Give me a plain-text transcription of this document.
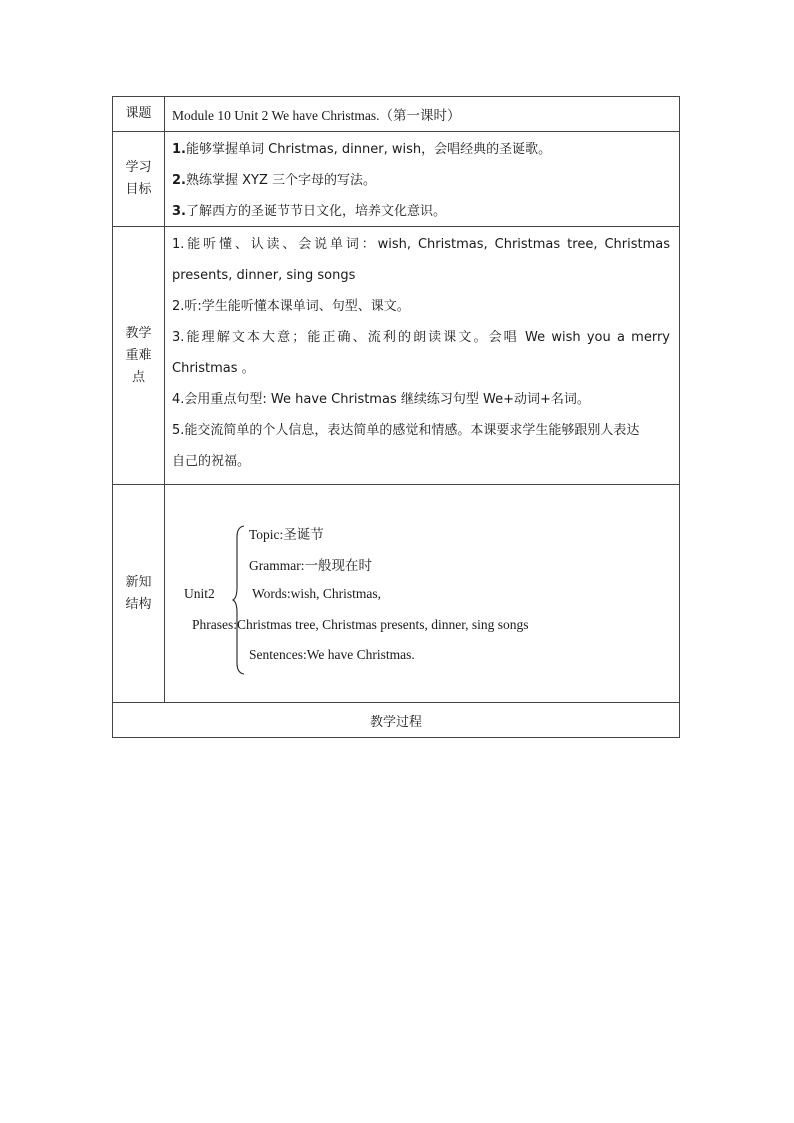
课题	Module 10 Unit 2 We have Christmas.（第一课时）
学习
目标
1.能够掌握单词 Christmas, dinner, wish，会唱经典的圣诞歌。
2.熟练掌握 XYZ 三个字母的写法。
3.了解西方的圣诞节节日文化，培养文化意识。
教学
重难
点
1.能听懂、认读、会说单词：wish, Christmas, Christmas tree, Christmas
presents, dinner, sing songs
2.听:学生能听懂本课单词、句型、课文。
3.能理解文本大意；能正确、流利的朗读课文。会唱 We wish you a merry
Christmas 。
4.会用重点句型: We have Christmas 继续练习句型 We+动词+名词。
5.能交流简单的个人信息，表达简单的感觉和情感。本课要求学生能够跟别人表达
自己的祝福。
新知
结构
Unit2
Topic:圣诞节
Grammar:一般现在时
Words:wish, Christmas,
Phrases:Christmas tree, Christmas presents, dinner, sing songs
Sentences:We have Christmas.
教学过程
